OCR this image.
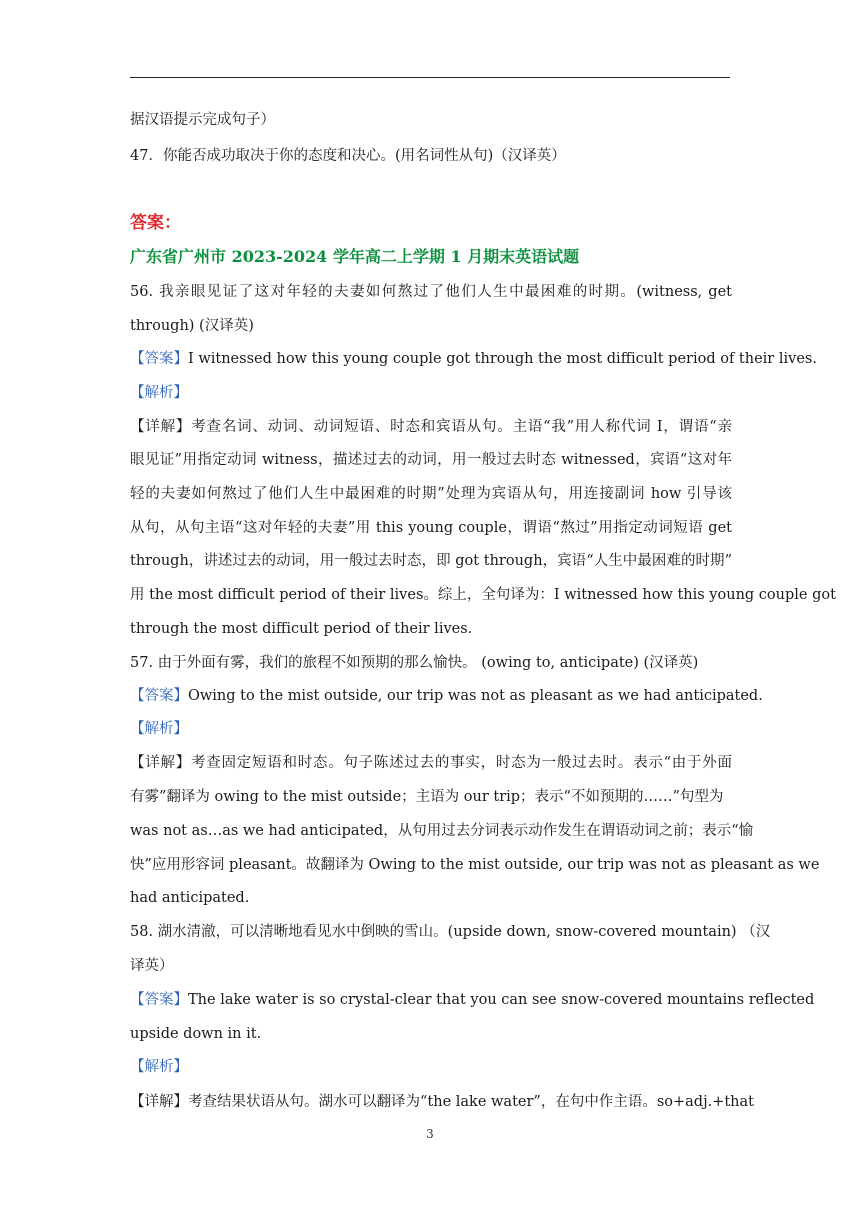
据汉语提示完成句子）
47．你能否成功取决于你的态度和决心。(用名词性从句)（汉译英）
答案：
广东省广州市 2023-2024 学年高二上学期 1 月期末英语试题
56. 我亲眼见证了这对年轻的夫妻如何熬过了他们人生中最困难的时期。(witness, get
through) (汉译英)
【答案】I witnessed how this young couple got through the most difficult period of their lives.
【解析】
【详解】考查名词、动词、动词短语、时态和宾语从句。主语“我”用人称代词 I，谓语“亲
眼见证”用指定动词 witness，描述过去的动词，用一般过去时态 witnessed，宾语“这对年
轻的夫妻如何熬过了他们人生中最困难的时期”处理为宾语从句，用连接副词 how 引导该
从句，从句主语“这对年轻的夫妻”用 this young couple，谓语“熬过”用指定动词短语 get
through，讲述过去的动词，用一般过去时态，即 got through，宾语“人生中最困难的时期”
用 the most difficult period of their lives。综上，全句译为：I witnessed how this young couple got
through the most difficult period of their lives.
57. 由于外面有雾，我们的旅程不如预期的那么愉快。 (owing to, anticipate) (汉译英)
【答案】Owing to the mist outside, our trip was not as pleasant as we had anticipated.
【解析】
【详解】考查固定短语和时态。句子陈述过去的事实，时态为一般过去时。表示“由于外面
有雾”翻译为 owing to the mist outside；主语为 our trip；表示“不如预期的……”句型为
was not as…as we had anticipated，从句用过去分词表示动作发生在谓语动词之前；表示“愉
快”应用形容词 pleasant。故翻译为 Owing to the mist outside, our trip was not as pleasant as we
had anticipated.
58. 湖水清澈，可以清晰地看见水中倒映的雪山。(upside down, snow-covered mountain) （汉
译英）
【答案】The lake water is so crystal-clear that you can see snow-covered mountains reflected
upside down in it.
【解析】
【详解】考查结果状语从句。湖水可以翻译为“the lake water”，在句中作主语。so+adj.+that
3
